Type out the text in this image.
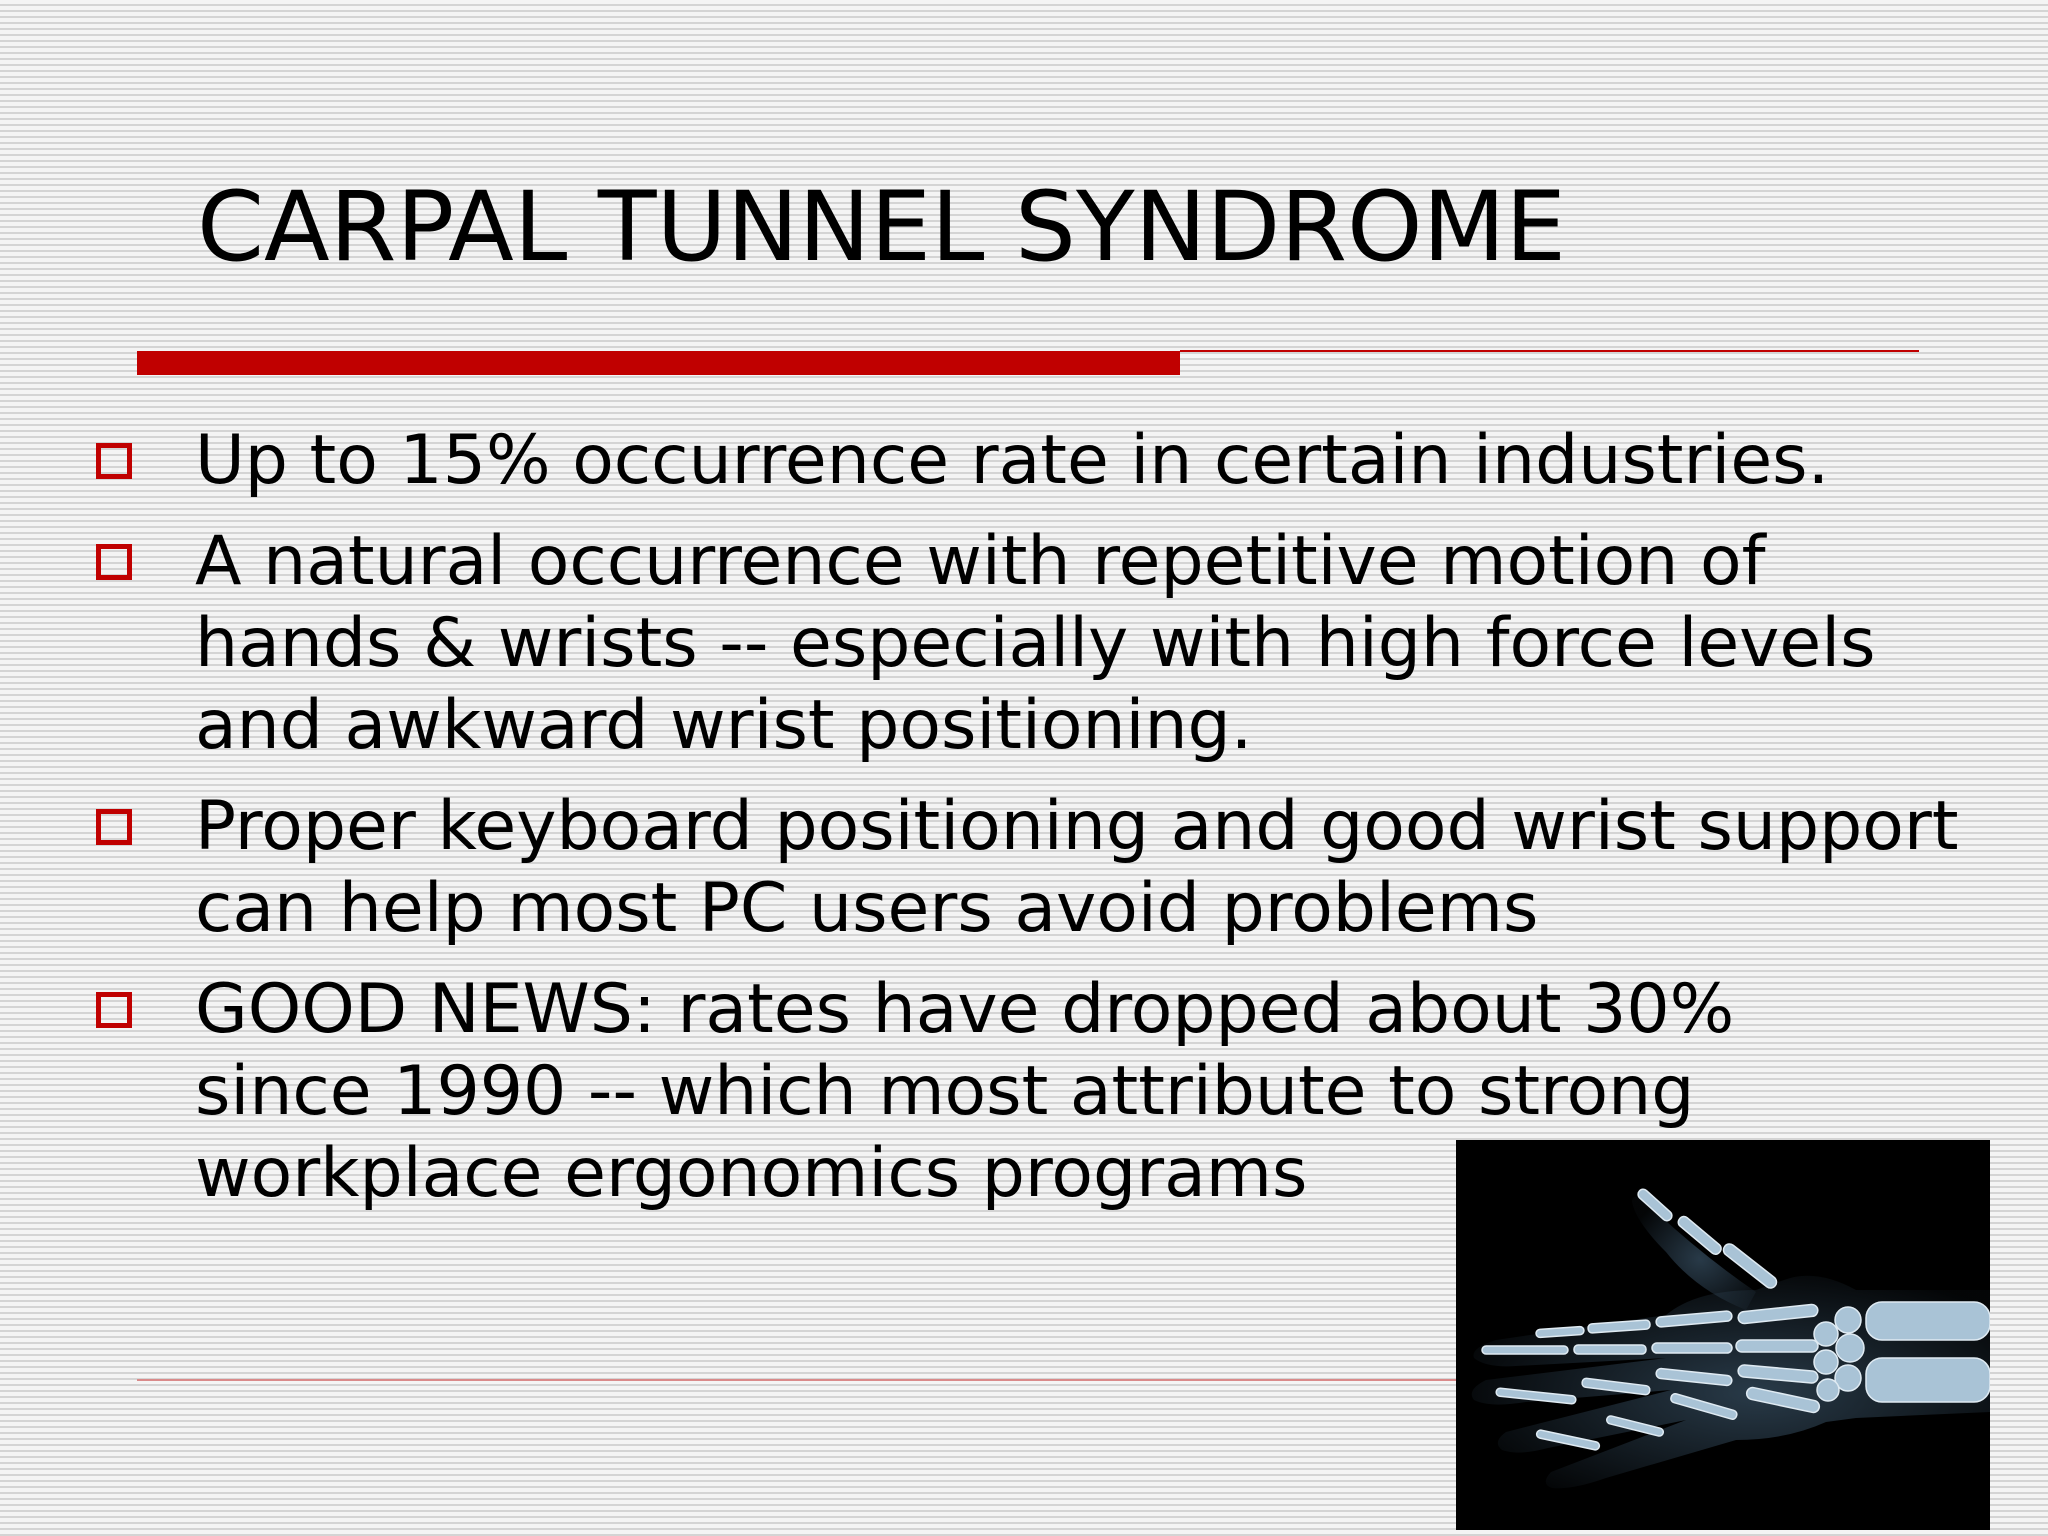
CARPAL TUNNEL SYNDROME
Up to 15% occurrence rate in certain industries.
A natural occurrence with repetitive motion of
hands & wrists -- especially with high force levels
and awkward wrist positioning.
Proper keyboard positioning and good wrist support
can help most PC users avoid problems
GOOD NEWS: rates have dropped about 30%
since 1990 -- which most attribute to strong
workplace ergonomics programs
